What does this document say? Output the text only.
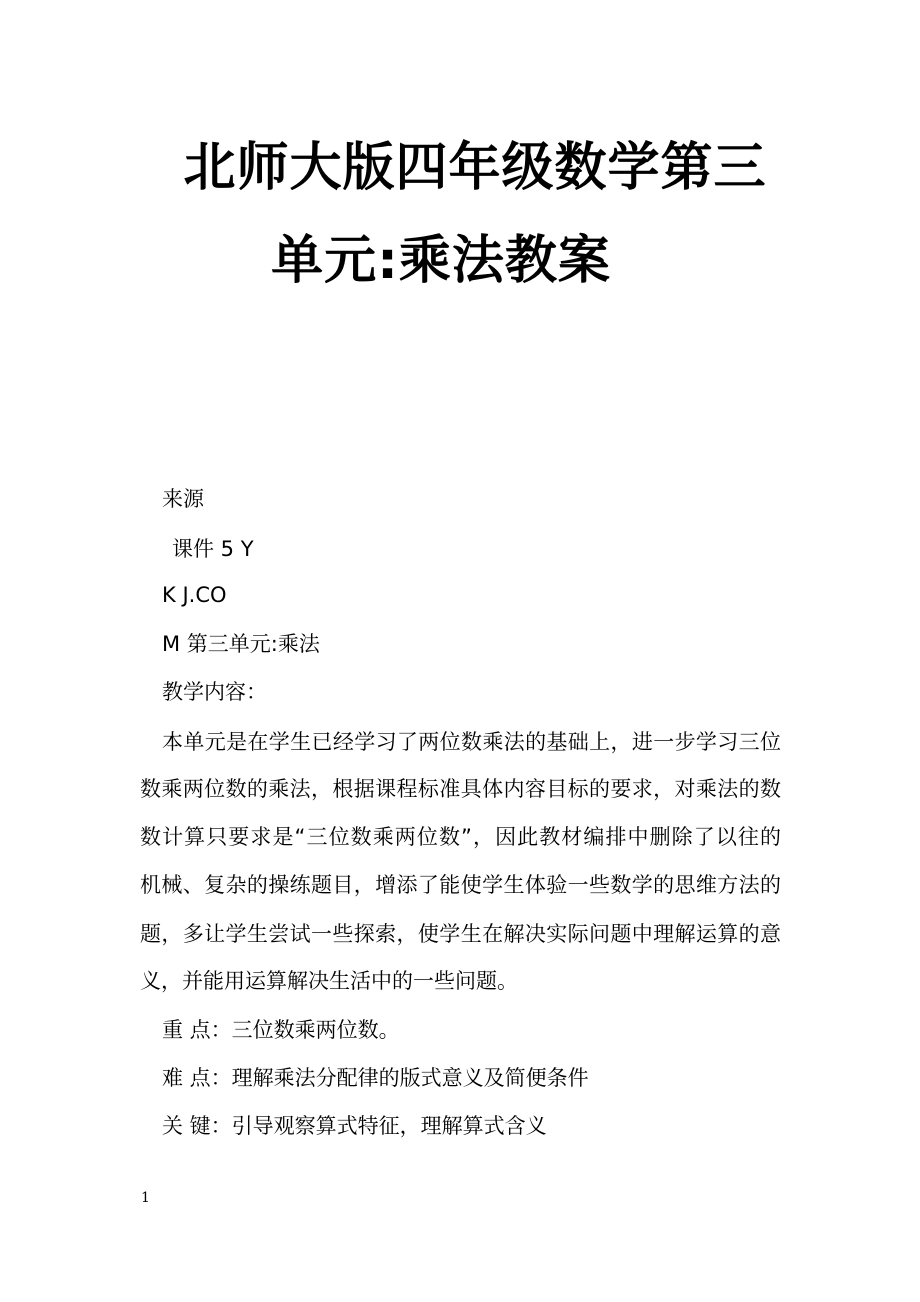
北师大版四年级数学第三
单元:乘法教案
来源
课件 5 Y
K J.CO
M 第三单元:乘法
教学内容：
本单元是在学生已经学习了两位数乘法的基础上，进一步学习三位
数乘两位数的乘法，根据课程标准具体内容目标的要求，对乘法的数
数计算只要求是“三位数乘两位数”，因此教材编排中删除了以往的
机械、复杂的操练题目，增添了能使学生体验一些数学的思维方法的
题，多让学生尝试一些探索，使学生在解决实际问题中理解运算的意
义，并能用运算解决生活中的一些问题。
重 点：三位数乘两位数。
难 点：理解乘法分配律的版式意义及简便条件
关 键：引导观察算式特征，理解算式含义
1
